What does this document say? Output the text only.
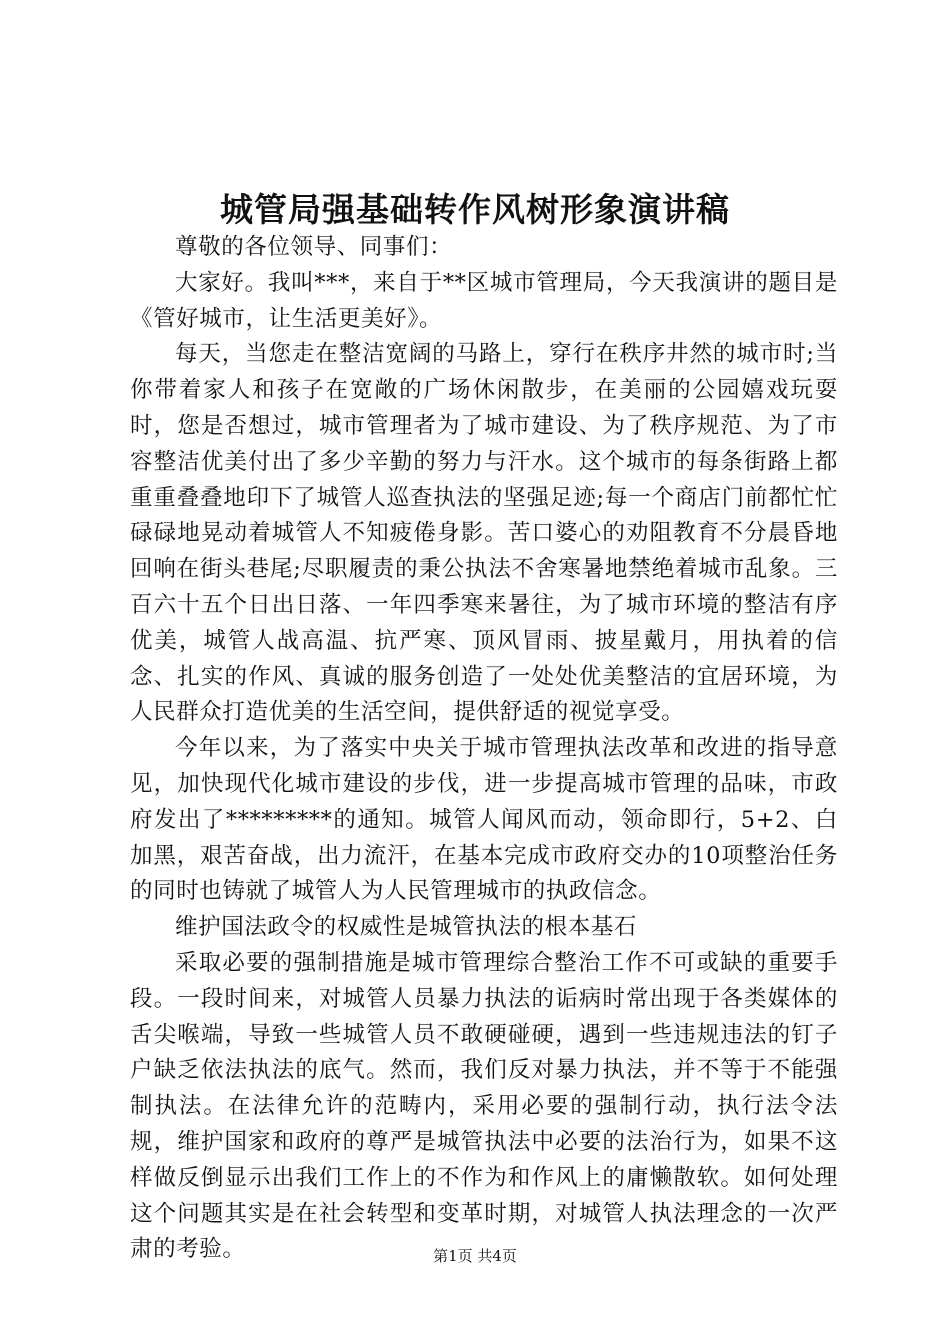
城管局强基础转作风树形象演讲稿

尊敬的各位领导、同事们：

大家好。我叫***，来自于**区城市管理局，今天我演讲的题目是《管好城市，让生活更美好》。

每天，当您走在整洁宽阔的马路上，穿行在秩序井然的城市时;当你带着家人和孩子在宽敞的广场休闲散步，在美丽的公园嬉戏玩耍时，您是否想过，城市管理者为了城市建设、为了秩序规范、为了市容整洁优美付出了多少辛勤的努力与汗水。这个城市的每条街路上都重重叠叠地印下了城管人巡查执法的坚强足迹;每一个商店门前都忙忙碌碌地晃动着城管人不知疲倦身影。苦口婆心的劝阻教育不分晨昏地回响在街头巷尾;尽职履责的秉公执法不舍寒暑地禁绝着城市乱象。三百六十五个日出日落、一年四季寒来暑往，为了城市环境的整洁有序优美，城管人战高温、抗严寒、顶风冒雨、披星戴月，用执着的信念、扎实的作风、真诚的服务创造了一处处优美整洁的宜居环境，为人民群众打造优美的生活空间，提供舒适的视觉享受。

今年以来，为了落实中央关于城市管理执法改革和改进的指导意见，加快现代化城市建设的步伐，进一步提高城市管理的品味，市政府发出了*********的通知。城管人闻风而动，领命即行，5+2、白加黑，艰苦奋战，出力流汗，在基本完成市政府交办的10项整治任务的同时也铸就了城管人为人民管理城市的执政信念。

维护国法政令的权威性是城管执法的根本基石

采取必要的强制措施是城市管理综合整治工作不可或缺的重要手段。一段时间来，对城管人员暴力执法的诟病时常出现于各类媒体的舌尖喉端，导致一些城管人员不敢硬碰硬，遇到一些违规违法的钉子户缺乏依法执法的底气。然而，我们反对暴力执法，并不等于不能强制执法。在法律允许的范畴内，采用必要的强制行动，执行法令法规，维护国家和政府的尊严是城管执法中必要的法治行为，如果不这样做反倒显示出我们工作上的不作为和作风上的庸懒散软。如何处理这个问题其实是在社会转型和变革时期，对城管人执法理念的一次严肃的考验。	第1页 共4页
